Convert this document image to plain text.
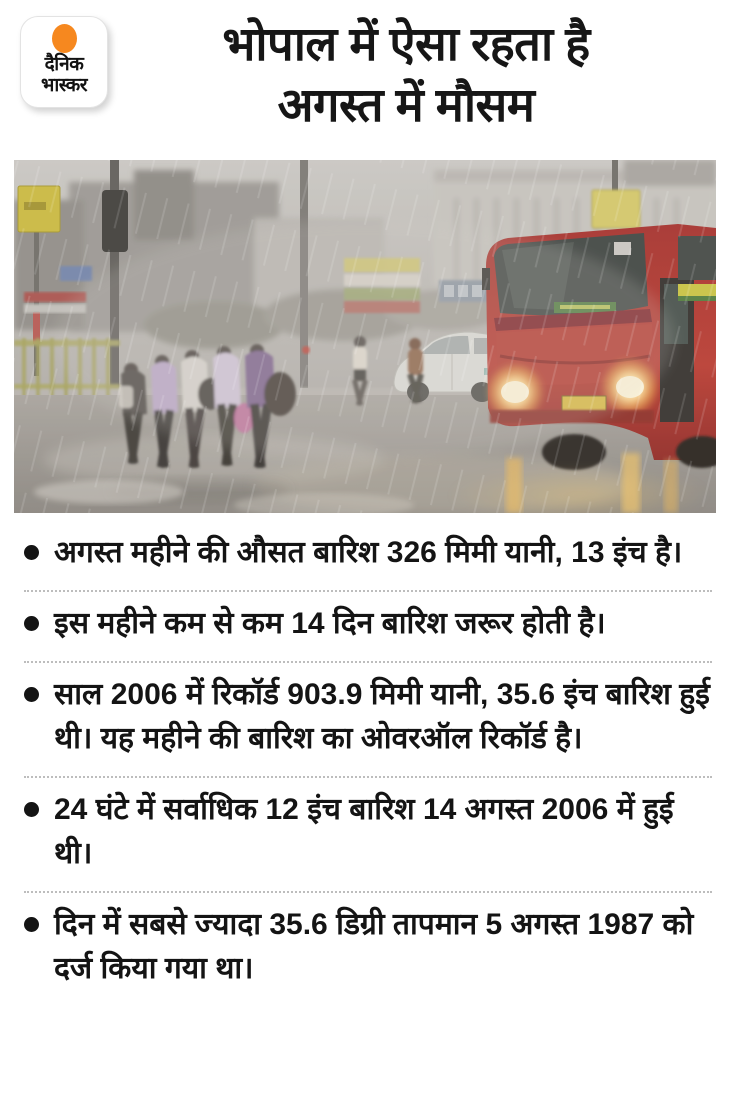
दैनिक
भास्कर
भोपाल में ऐसा रहता है
अगस्त में मौसम

अगस्त महीने की औसत बारिश 326 मिमी यानी, 13 इंच है।

इस महीने कम से कम 14 दिन बारिश जरूर होती है।

साल 2006 में रिकॉर्ड 903.9 मिमी यानी, 35.6 इंच बारिश हुई थी। यह महीने की बारिश का ओवरऑल रिकॉर्ड है।

24 घंटे में सर्वाधिक 12 इंच बारिश 14 अगस्त 2006 में हुई थी।

दिन में सबसे ज्यादा 35.6 डिग्री तापमान 5 अगस्त 1987 को दर्ज किया गया था।
